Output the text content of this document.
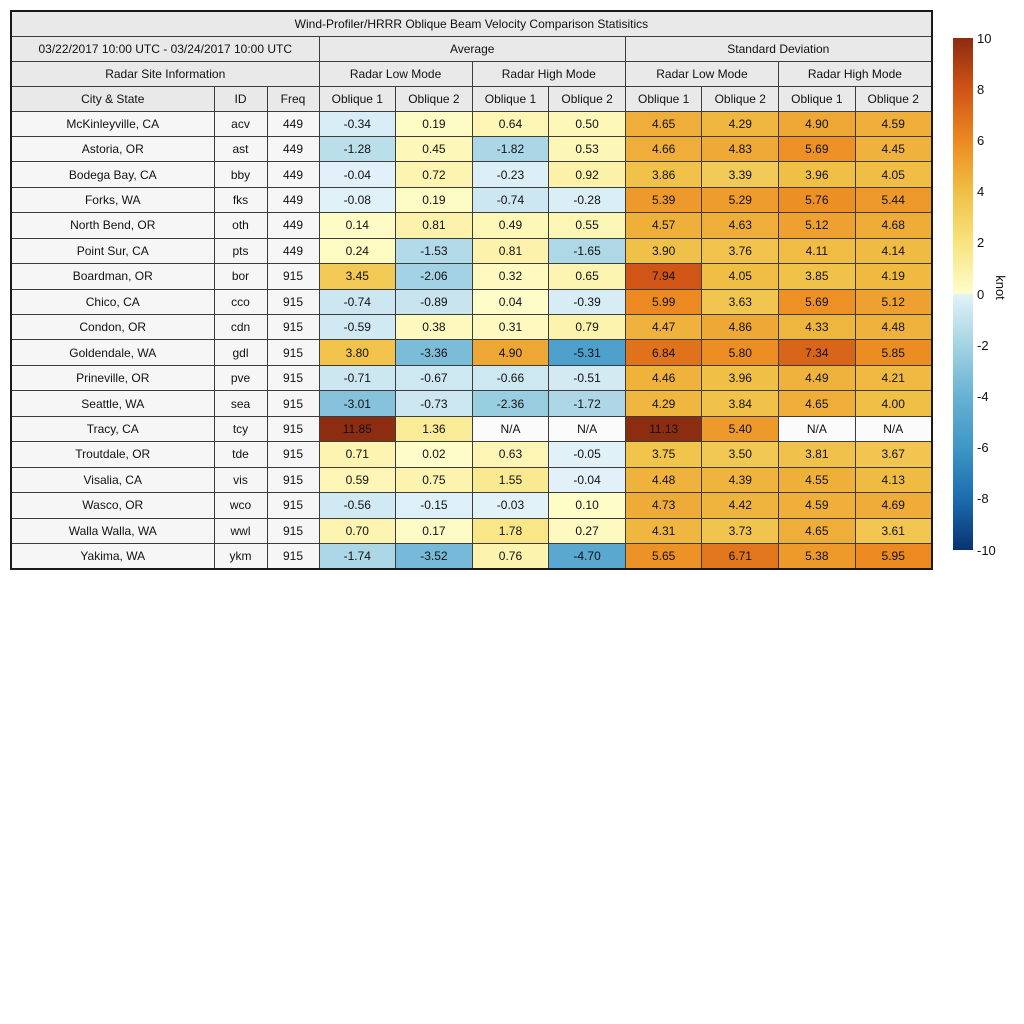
Wind-Profiler/HRRR Oblique Beam Velocity Comparison Statisitics										
03/22/2017 10:00 UTC - 03/24/2017 10:00 UTC			Average				Standard Deviation			
Radar Site Information			Radar Low Mode		Radar High Mode		Radar Low Mode		Radar High Mode	
City & State	ID	Freq	Oblique 1	Oblique 2	Oblique 1	Oblique 2	Oblique 1	Oblique 2	Oblique 1	Oblique 2
McKinleyville, CA	acv	449	-0.34	0.19	0.64	0.50	4.65	4.29	4.90	4.59
Astoria, OR	ast	449	-1.28	0.45	-1.82	0.53	4.66	4.83	5.69	4.45
Bodega Bay, CA	bby	449	-0.04	0.72	-0.23	0.92	3.86	3.39	3.96	4.05
Forks, WA	fks	449	-0.08	0.19	-0.74	-0.28	5.39	5.29	5.76	5.44
North Bend, OR	oth	449	0.14	0.81	0.49	0.55	4.57	4.63	5.12	4.68
Point Sur, CA	pts	449	0.24	-1.53	0.81	-1.65	3.90	3.76	4.11	4.14
Boardman, OR	bor	915	3.45	-2.06	0.32	0.65	7.94	4.05	3.85	4.19
Chico, CA	cco	915	-0.74	-0.89	0.04	-0.39	5.99	3.63	5.69	5.12
Condon, OR	cdn	915	-0.59	0.38	0.31	0.79	4.47	4.86	4.33	4.48
Goldendale, WA	gdl	915	3.80	-3.36	4.90	-5.31	6.84	5.80	7.34	5.85
Prineville, OR	pve	915	-0.71	-0.67	-0.66	-0.51	4.46	3.96	4.49	4.21
Seattle, WA	sea	915	-3.01	-0.73	-2.36	-1.72	4.29	3.84	4.65	4.00
Tracy, CA	tcy	915	11.85	1.36	N/A	N/A	11.13	5.40	N/A	N/A
Troutdale, OR	tde	915	0.71	0.02	0.63	-0.05	3.75	3.50	3.81	3.67
Visalia, CA	vis	915	0.59	0.75	1.55	-0.04	4.48	4.39	4.55	4.13
Wasco, OR	wco	915	-0.56	-0.15	-0.03	0.10	4.73	4.42	4.59	4.69
Walla Walla, WA	wwl	915	0.70	0.17	1.78	0.27	4.31	3.73	4.65	3.61
Yakima, WA	ykm	915	-1.74	-3.52	0.76	-4.70	5.65	6.71	5.38	5.95
10
8
6
4
2
0
-2
-4
-6
-8
-10
knot
